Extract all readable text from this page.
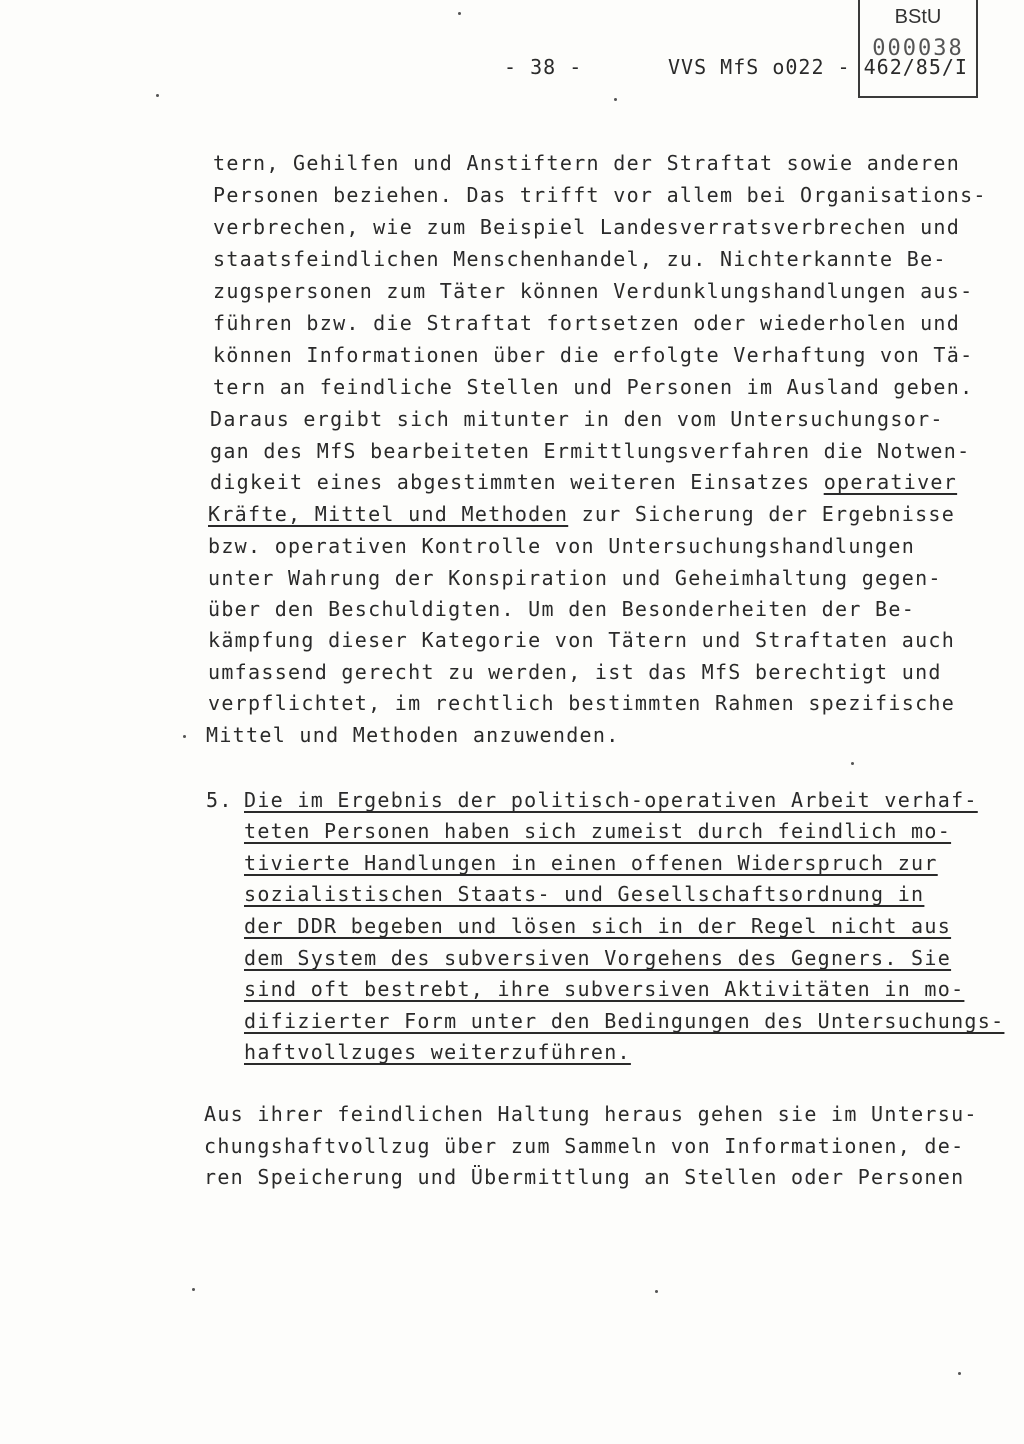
- 38 -	VVS MfS o022 - 462/85/I
BStU
000038
tern, Gehilfen und Anstiftern der Straftat sowie anderen
Personen beziehen. Das trifft vor allem bei Organisations-
verbrechen, wie zum Beispiel Landesverratsverbrechen und
staatsfeindlichen Menschenhandel, zu. Nichterkannte Be-
zugspersonen zum Täter können Verdunklungshandlungen aus-
führen bzw. die Straftat fortsetzen oder wiederholen und
können Informationen über die erfolgte Verhaftung von Tä-
tern an feindliche Stellen und Personen im Ausland geben.
Daraus ergibt sich mitunter in den vom Untersuchungsor-
gan des MfS bearbeiteten Ermittlungsverfahren die Notwen-
digkeit eines abgestimmten weiteren Einsatzes operativer
Kräfte, Mittel und Methoden zur Sicherung der Ergebnisse
bzw. operativen Kontrolle von Untersuchungshandlungen
unter Wahrung der Konspiration und Geheimhaltung gegen-
über den Beschuldigten. Um den Besonderheiten der Be-
kämpfung dieser Kategorie von Tätern und Straftaten auch
umfassend gerecht zu werden, ist das MfS berechtigt und
verpflichtet, im rechtlich bestimmten Rahmen spezifische
Mittel und Methoden anzuwenden.
5. Die im Ergebnis der politisch-operativen Arbeit verhaf-
teten Personen haben sich zumeist durch feindlich mo-
tivierte Handlungen in einen offenen Widerspruch zur
sozialistischen Staats- und Gesellschaftsordnung in
der DDR begeben und lösen sich in der Regel nicht aus
dem System des subversiven Vorgehens des Gegners. Sie
sind oft bestrebt, ihre subversiven Aktivitäten in mo-
difizierter Form unter den Bedingungen des Untersuchungs-
haftvollzuges weiterzuführen.
Aus ihrer feindlichen Haltung heraus gehen sie im Untersu-
chungshaftvollzug über zum Sammeln von Informationen, de-
ren Speicherung und Übermittlung an Stellen oder Personen
